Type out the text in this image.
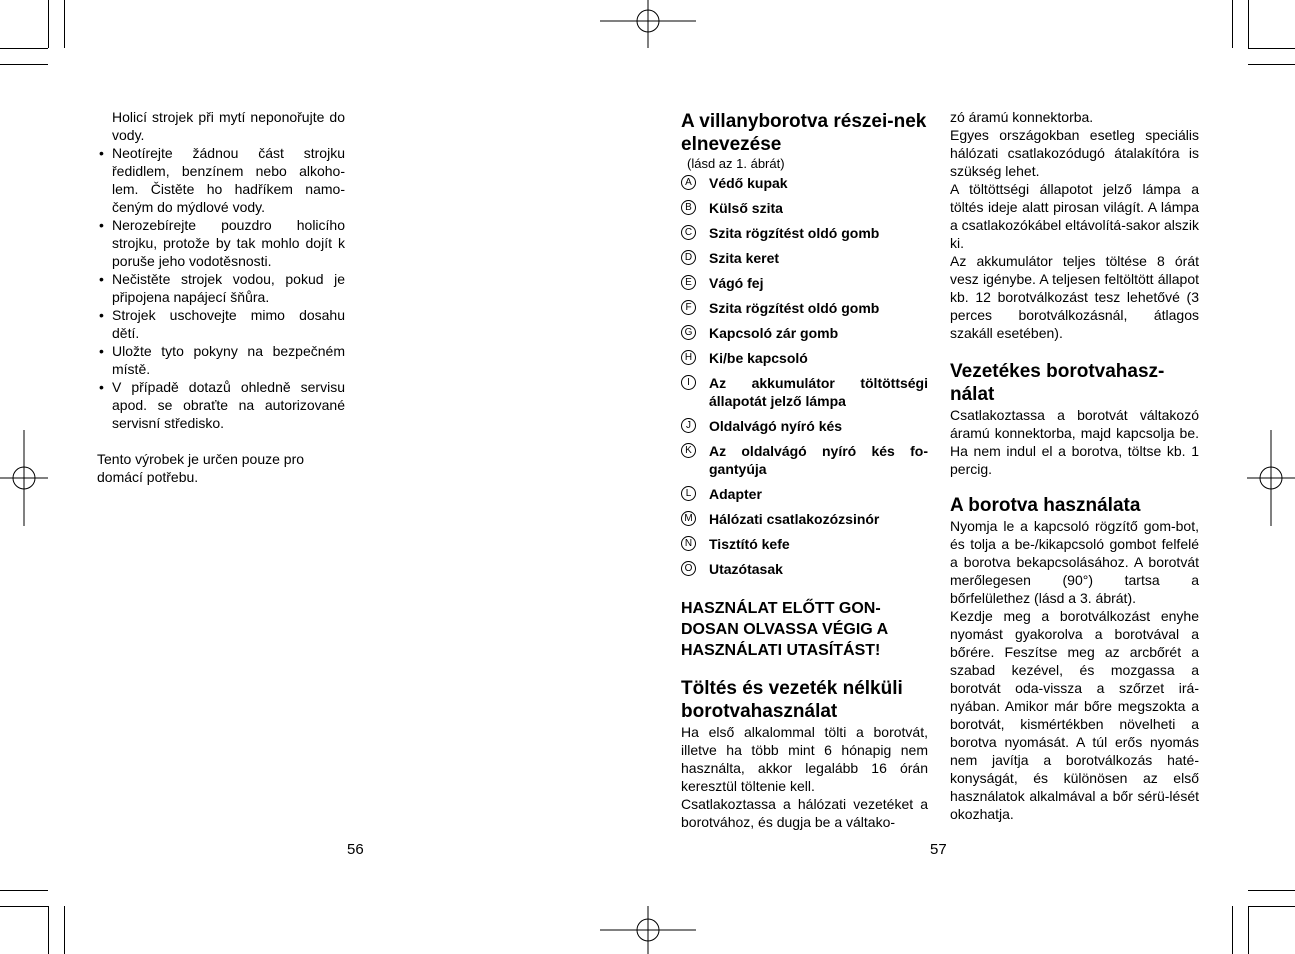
Holicí strojek při mytí neponořujte do vody.

• Neotírejte žádnou část strojku ředidlem, benzínem nebo alkoho-lem. Čistěte ho hadříkem namo-čeným do mýdlové vody.
• Nerozebírejte pouzdro holicího strojku, protože by tak mohlo dojít k poruše jeho vodotěsnosti.
• Nečistěte strojek vodou, pokud je připojena napájecí šňůra.
• Strojek uschovejte mimo dosahu dětí.
• Uložte tyto pokyny na bezpečném místě.
• V případě dotazů ohledně servisu apod. se obraťte na autorizované servisní středisko.

Tento výrobek je určen pouze pro domácí potřebu.

56
A villanyborotva részei-nek elnevezése

(lásd az 1. ábrát)

A Védő kupak
B Külső szita
C Szita rögzítést oldó gomb
D Szita keret
E Vágó fej
F	Szita rögzítést oldó gomb
G Kapcsoló zár gomb
H Ki/be kapcsoló
I	Az akkumulátor töltöttségi állapotát jelző lámpa
J	Oldalvágó nyíró kés
K Az oldalvágó nyíró kés fo-gantyúja
L	Adapter
M Hálózati csatlakozózsinór
N Tisztító kefe
O Utazótasak

HASZNÁLAT ELŐTT GON-DOSAN OLVASSA VÉGIG A HASZNÁLATI UTASÍTÁST!

Töltés és vezeték nélküli borotvahasználat

Ha első alkalommal tölti a borotvát, illetve ha több mint 6 hónapig nem használta, akkor legalább 16 órán keresztül töltenie kell.

Csatlakoztassa a hálózati vezetéket a borotvához, és dugja be a váltako-

zó áramú konnektorba.

Egyes országokban esetleg speciális hálózati csatlakozódugó átalakítóra is szükség lehet.

A töltöttségi állapotot jelző lámpa a töltés ideje alatt pirosan világít. A lámpa a csatlakozókábel eltávolítá-sakor alszik ki.

Az akkumulátor teljes töltése 8 órát vesz igénybe. A teljesen feltöltött állapot kb. 12 borotválkozást tesz lehetővé (3 perces borotválkozásnál, átlagos szakáll esetében).

Vezetékes borotvahasz-nálat

Csatlakoztassa a borotvát váltakozó áramú konnektorba, majd kapcsolja be. Ha nem indul el a borotva, töltse kb. 1 percig.

A borotva használata

Nyomja le a kapcsoló rögzítő gom-bot, és tolja a be-/kikapcsoló gombot felfelé a borotva bekapcsolásához. A borotvát merőlegesen (90°) tartsa a bőrfelülethez (lásd a 3. ábrát).

Kezdje meg a borotválkozást enyhe nyomást gyakorolva a borotvával a bőrére. Feszítse meg az arcbőrét a szabad kezével, és mozgassa a borotvát oda-vissza a szőrzet irá-nyában. Amikor már bőre megszokta a borotvát, kismértékben növelheti a borotva nyomását. A túl erős nyomás nem javítja a borotválkozás haté-konyságát, és különösen az első használatok alkalmával a bőr sérü-lését okozhatja.

57
